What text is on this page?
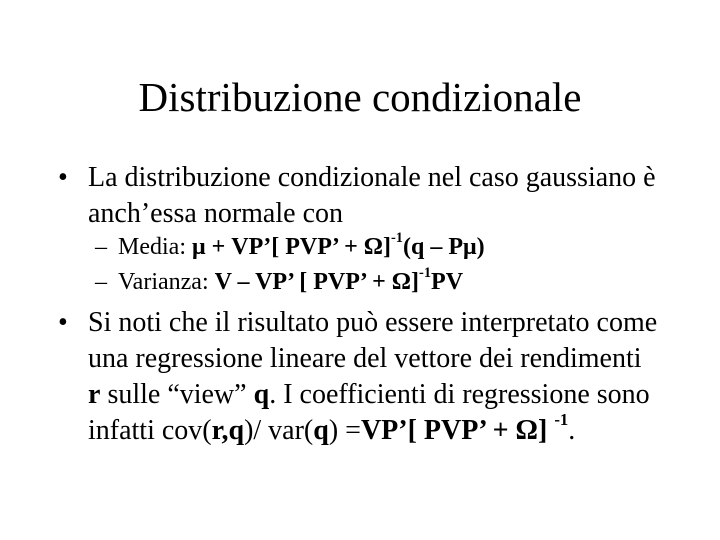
Distribuzione condizionale
• La distribuzione condizionale nel caso gaussiano è
anch’essa normale con
– Media: μ + VP’[ PVP’ + Ω]$^{-1}$(q – Pμ)
– Varianza: V – VP’ [ PVP’ + Ω]$^{-1}$PV
• Si noti che il risultato può essere interpretato come
una regressione lineare del vettore dei rendimenti
r sulle “view” q. I coefficienti di regressione sono
infatti cov(r,q)/ var(q) =VP’[ PVP’ + Ω] $^{-1}$.
